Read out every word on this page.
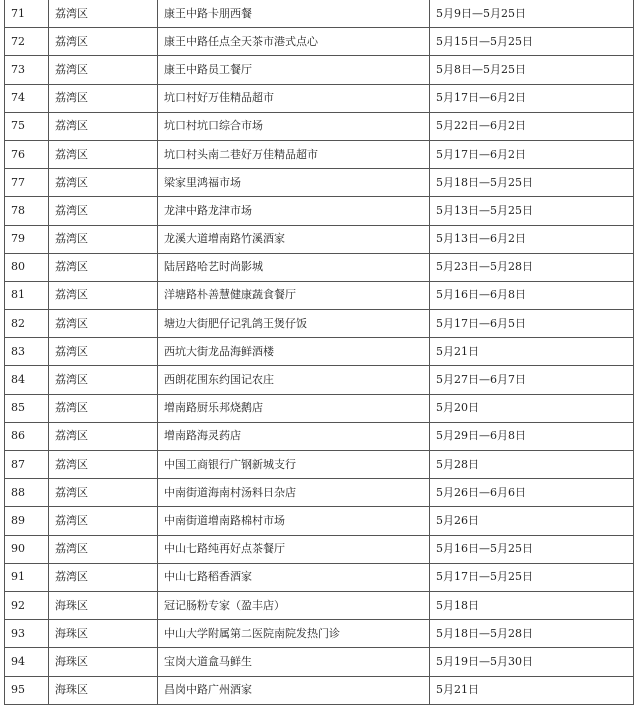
71	荔湾区	康王中路卡朋西餐	5月9日—5月25日
72	荔湾区	康王中路任点全天茶市港式点心	5月15日—5月25日
73	荔湾区	康王中路员工餐厅	5月8日—5月25日
74	荔湾区	坑口村好万佳精品超市	5月17日—6月2日
75	荔湾区	坑口村坑口综合市场	5月22日—6月2日
76	荔湾区	坑口村头南二巷好万佳精品超市	5月17日—6月2日
77	荔湾区	梁家里鸿福市场	5月18日—5月25日
78	荔湾区	龙津中路龙津市场	5月13日—5月25日
79	荔湾区	龙溪大道增南路竹溪酒家	5月13日—6月2日
80	荔湾区	陆居路哈艺时尚影城	5月23日—5月28日
81	荔湾区	洋塘路朴善慧健康蔬食餐厅	5月16日—6月8日
82	荔湾区	塘边大街肥仔记乳鸽王煲仔饭	5月17日—6月5日
83	荔湾区	西坑大街龙品海鲜酒楼	5月21日
84	荔湾区	西朗花围东约国记农庄	5月27日—6月7日
85	荔湾区	增南路厨乐邦烧鹅店	5月20日
86	荔湾区	增南路海灵药店	5月29日—6月8日
87	荔湾区	中国工商银行广钢新城支行	5月28日
88	荔湾区	中南街道海南村汤料日杂店	5月26日—6月6日
89	荔湾区	中南街道增南路棉村市场	5月26日
90	荔湾区	中山七路纯再好点茶餐厅	5月16日—5月25日
91	荔湾区	中山七路稻香酒家	5月17日—5月25日
92	海珠区	冠记肠粉专家（盈丰店）	5月18日
93	海珠区	中山大学附属第二医院南院发热门诊	5月18日—5月28日
94	海珠区	宝岗大道盒马鲜生	5月19日—5月30日
95	海珠区	昌岗中路广州酒家	5月21日
